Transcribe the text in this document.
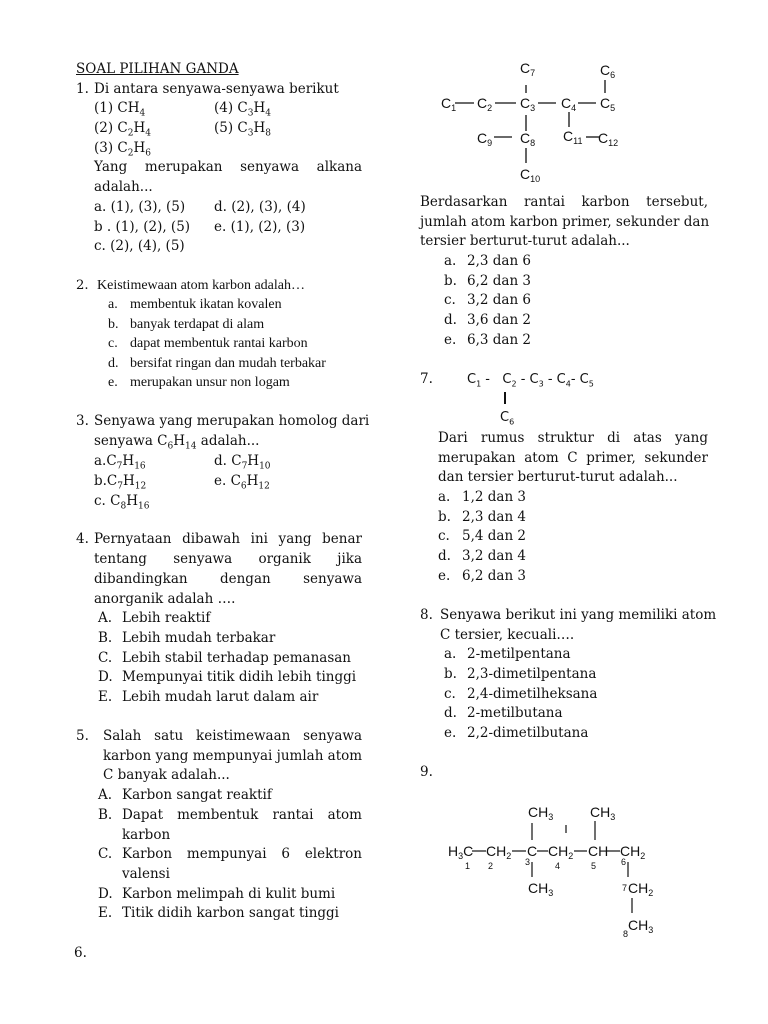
SOAL PILIHAN GANDA
1. Di antara senyawa-senyawa berikut
(1) $CH_4$	(4) $C_3H_4$
(2) $C_2H_4$	(5) $C_3H_8$
(3) $C_2H_6$
Yang merupakan senyawa alkana
adalah...
a. (1), (3), (5) d. (2), (3), (4)
b . (1), (2), (5) e. (1), (2), (3)
c. (2), (4), (5)
2. Keistimewaan atom karbon adalah…
a. membentuk ikatan kovalen
b. banyak terdapat di alam
c. dapat membentuk rantai karbon
d. bersifat ringan dan mudah terbakar
e. merupakan unsur non logam
3. Senyawa yang merupakan homolog dari
senyawa $C_6H_{14}$ adalah...
$a.C_7H_{16}$	d. $C_7H_{10}$
$b.C_7H_{12}$	e. $C_6H_{12}$
c. $C_8H_{16}$
4. Pernyataan dibawah ini yang benar
tentang senyawa organik jika
dibandingkan dengan senyawa
anorganik adalah ….
A. Lebih reaktif
B. Lebih mudah terbakar
C. Lebih stabil terhadap pemanasan
D. Mempunyai titik didih lebih tinggi
E. Lebih mudah larut dalam air
5. Salah satu keistimewaan senyawa
karbon yang mempunyai jumlah atom
C banyak adalah...
A. Karbon sangat reaktif
B. Dapat membentuk rantai atom
karbon
C. Karbon mempunyai 6 elektron
valensi
D. Karbon melimpah di kulit bumi
E. Titik didih karbon sangat tinggi
6.
$C_1$ $C_2$ $C_3$ $C_4$ $C_5$
$C_6$
$C_7$
$C_8$
$C_9$
$C_{10}$
$C_{11}$ $C_{12}$
Berdasarkan rantai karbon tersebut,
jumlah atom karbon primer, sekunder dan
tersier berturut-turut adalah...
a. 2,3 dan 6
b. 6,2 dan 3
c. 3,2 dan 6
d. 3,6 dan 2
e. 6,3 dan 2
7.	$C_1 - C_2 - C_3 - C_4-$ $C_5$
$C_6$
Dari rumus struktur di atas yang
merupakan atom C primer, sekunder
dan tersier berturut-turut adalah...
a. 1,2 dan 3
b. 2,3 dan 4
c. 5,4 dan 2
d. 3,2 dan 4
e. 6,2 dan 3
8. Senyawa berikut ini yang memiliki atom
C tersier, kecuali….
a. 2-metilpentana
b. 2,3-dimetilpentana
c. 2,4-dimetilheksana
d. 2-metilbutana
e. 2,2-dimetilbutana
9.
$H_3C$ $CH_2$ C $CH_2$ CH $CH_2$
$CH_3$	$CH_3$
$CH_3$	$CH_2$
$CH_3$
1 2	3	4	5	6
7
8
